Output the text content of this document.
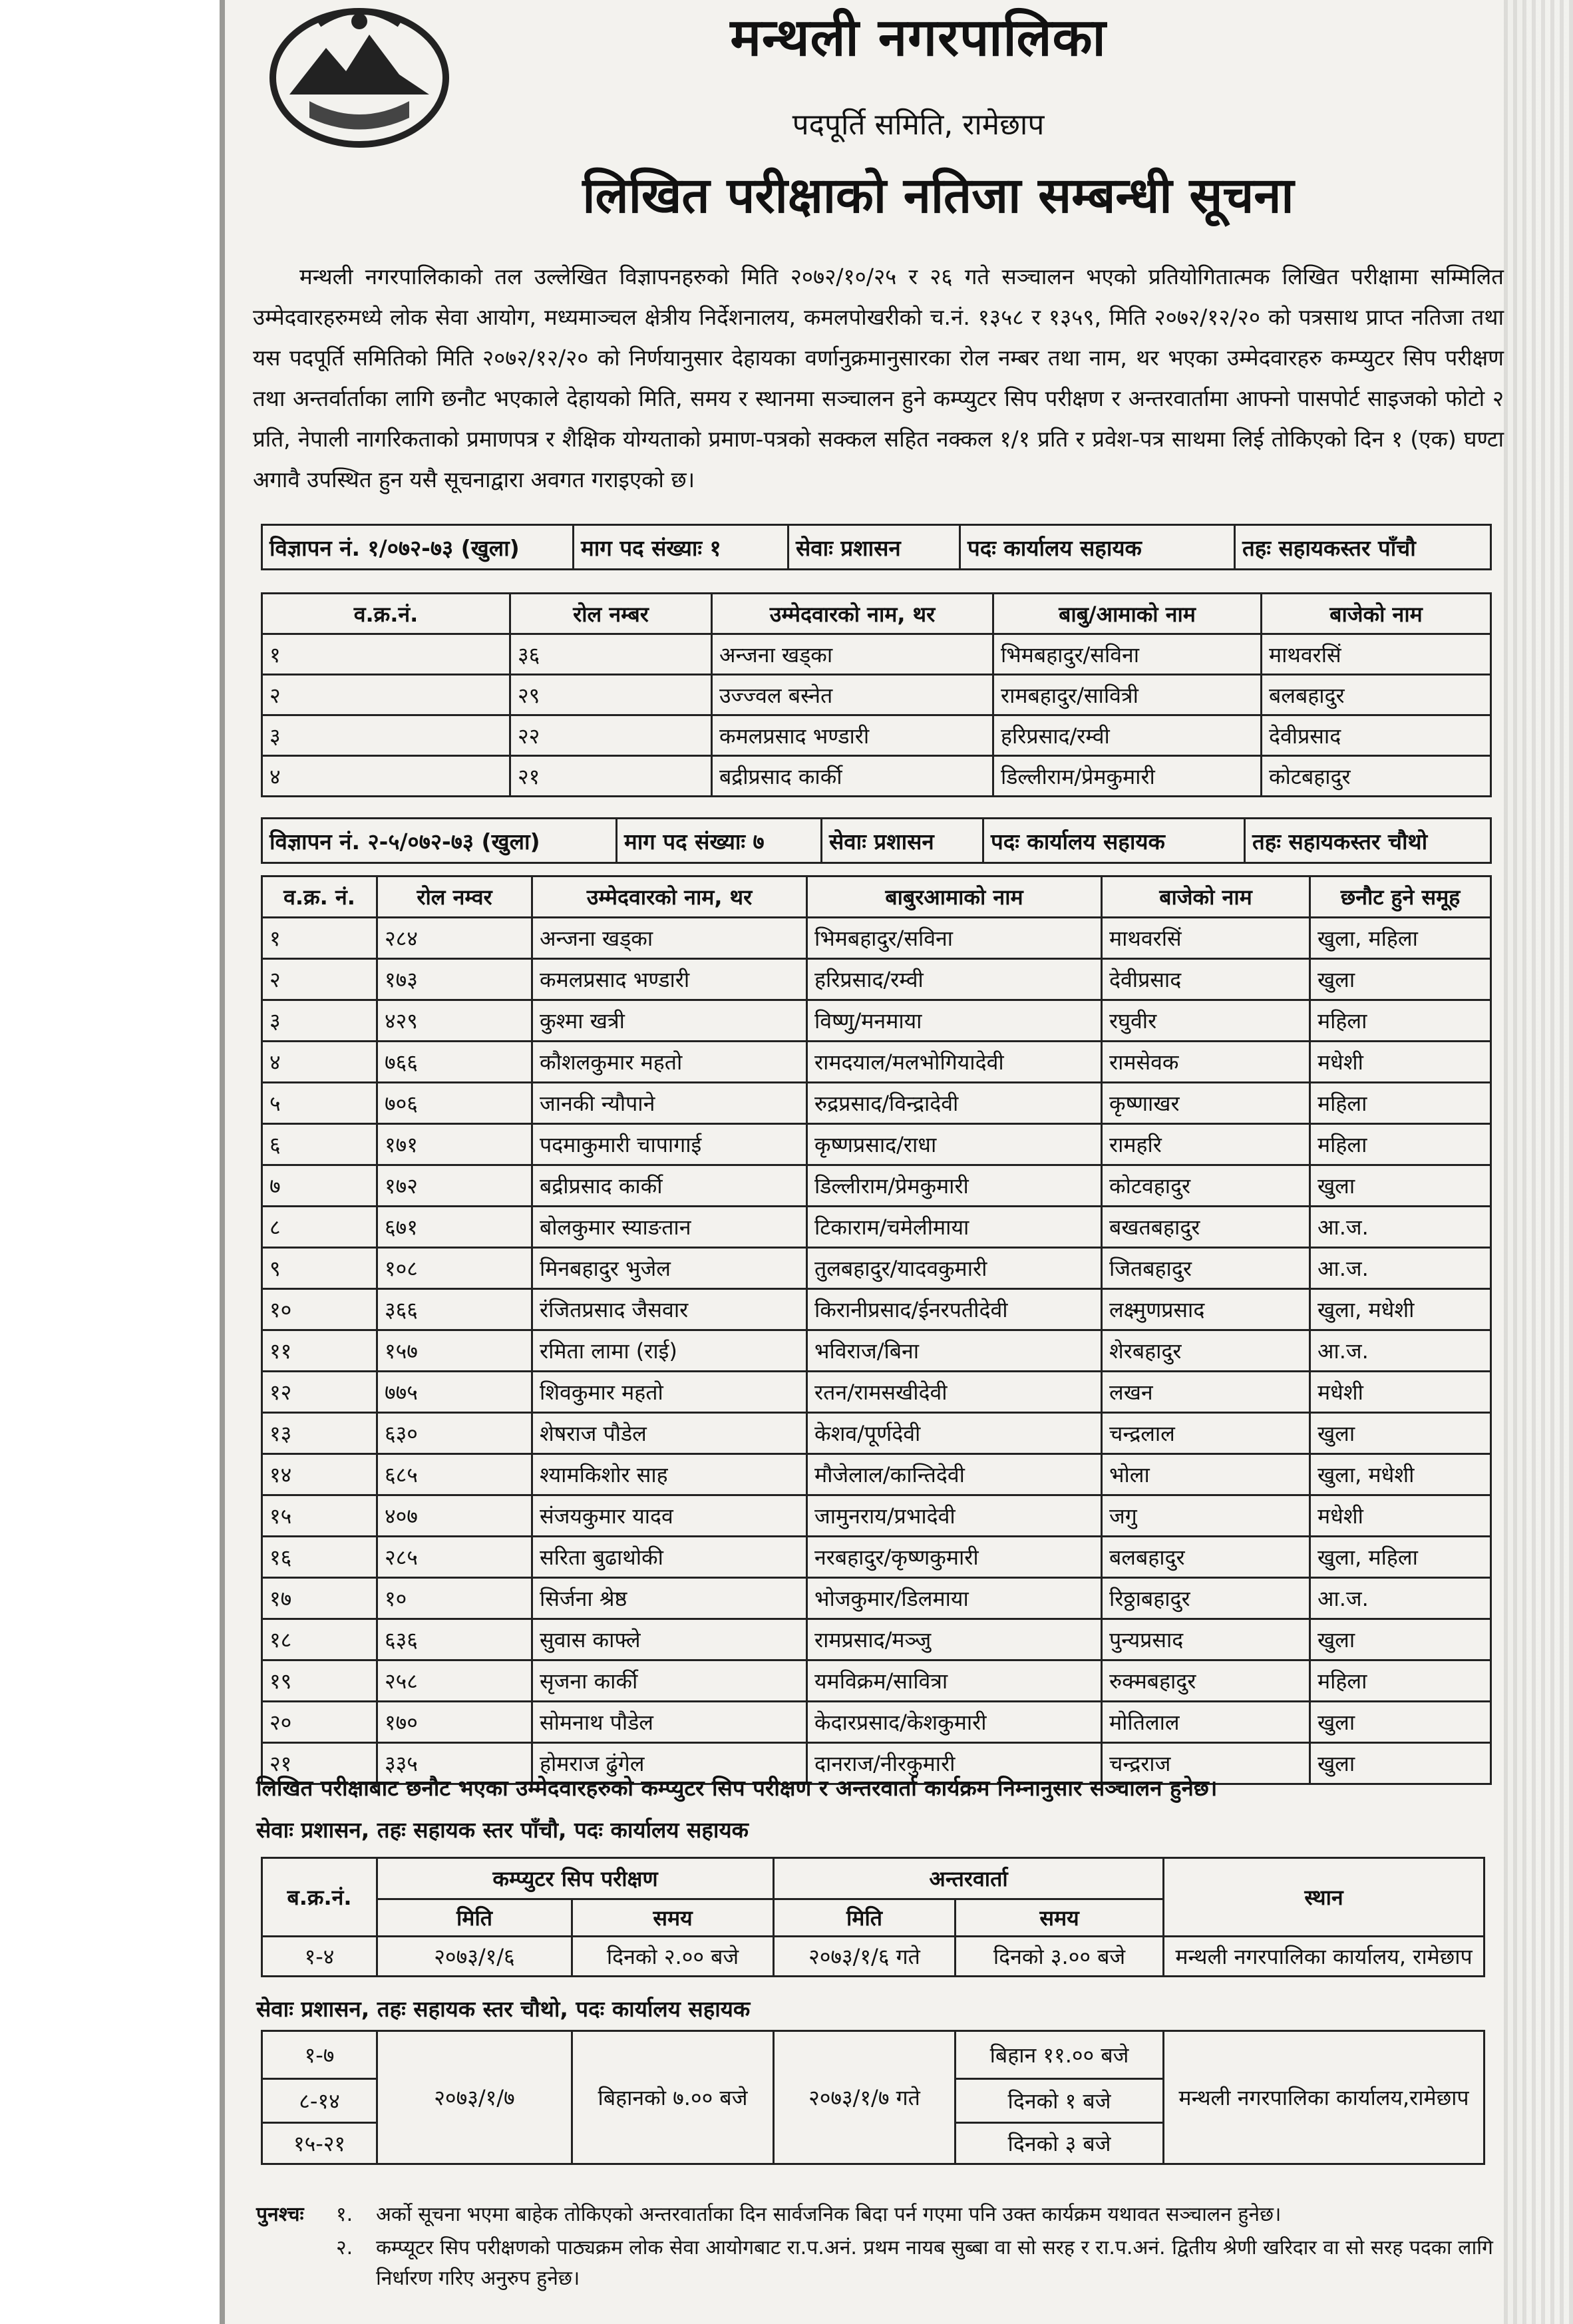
मन्थली नगरपालिका
पदपूर्ति समिति, रामेछाप
लिखित परीक्षाको नतिजा सम्बन्धी सूचना
मन्थली नगरपालिकाको तल उल्लेखित विज्ञापनहरुको मिति २०७२/१०/२५ र २६ गते सञ्चालन भएको प्रतियोगितात्मक लिखित परीक्षामा सम्मिलित उम्मेदवारहरुमध्ये लोक सेवा आयोग, मध्यमाञ्चल क्षेत्रीय निर्देशनालय, कमलपोखरीको च.नं. १३५८ र १३५९, मिति २०७२/१२/२० को पत्रसाथ प्राप्त नतिजा तथा यस पदपूर्ति समितिको मिति २०७२/१२/२० को निर्णयानुसार देहायका वर्णानुक्रमानुसारका रोल नम्बर तथा नाम, थर भएका उम्मेदवारहरु कम्प्युटर सिप परीक्षण तथा अन्तर्वार्ताका लागि छनौट भएकाले देहायको मिति, समय र स्थानमा सञ्चालन हुने कम्प्युटर सिप परीक्षण र अन्तरवार्तामा आफ्नो पासपोर्ट साइजको फोटो २ प्रति, नेपाली नागरिकताको प्रमाणपत्र र शैक्षिक योग्यताको प्रमाण-पत्रको सक्कल सहित नक्कल १/१ प्रति र प्रवेश-पत्र साथमा लिई तोकिएको दिन १ (एक) घण्टा अगावै उपस्थित हुन यसै सूचनाद्वारा अवगत गराइएको छ।
विज्ञापन नं. १/०७२-७३ (खुला)	माग पद संख्याः १	सेवाः प्रशासन	पदः कार्यालय सहायक	तहः सहायकस्तर पाँचौ
व.क्र.नं.	रोल नम्बर	उम्मेदवारको नाम, थर	बाबु/आमाको नाम	बाजेको नाम
१	३६	अन्जना खड्का	भिमबहादुर/सविना	माथवरसिं
२	२९	उज्ज्वल बस्नेत	रामबहादुर/सावित्री	बलबहादुर
३	२२	कमलप्रसाद भण्डारी	हरिप्रसाद/रम्वी	देवीप्रसाद
४	२१	बद्रीप्रसाद कार्की	डिल्लीराम/प्रेमकुमारी	कोटबहादुर
विज्ञापन नं. २-५/०७२-७३ (खुला)	माग पद संख्याः ७	सेवाः प्रशासन	पदः कार्यालय सहायक	तहः सहायकस्तर चौथो
व.क्र. नं.	रोल नम्वर	उम्मेदवारको नाम, थर	बाबुरआमाको नाम	बाजेको नाम	छनौट हुने समूह
१	२८४	अन्जना खड्का	भिमबहादुर/सविना	माथवरसिं	खुला, महिला
२	१७३	कमलप्रसाद भण्डारी	हरिप्रसाद/रम्वी	देवीप्रसाद	खुला
३	४२९	कुश्मा खत्री	विष्णु/मनमाया	रघुवीर	महिला
४	७६६	कौशलकुमार महतो	रामदयाल/मलभोगियादेवी	रामसेवक	मधेशी
५	७०६	जानकी न्यौपाने	रुद्रप्रसाद/विन्द्रादेवी	कृष्णाखर	महिला
६	१७१	पदमाकुमारी चापागाई	कृष्णप्रसाद/राधा	रामहरि	महिला
७	१७२	बद्रीप्रसाद कार्की	डिल्लीराम/प्रेमकुमारी	कोटवहादुर	खुला
८	६७१	बोलकुमार स्याङतान	टिकाराम/चमेलीमाया	बखतबहादुर	आ.ज.
९	१०८	मिनबहादुर भुजेल	तुलबहादुर/यादवकुमारी	जितबहादुर	आ.ज.
१०	३६६	रंजितप्रसाद जैसवार	किरानीप्रसाद/ईनरपतीदेवी	लक्ष्मुणप्रसाद	खुला, मधेशी
११	१५७	रमिता लामा (राई)	भविराज/बिना	शेरबहादुर	आ.ज.
१२	७७५	शिवकुमार महतो	रतन/रामसखीदेवी	लखन	मधेशी
१३	६३०	शेषराज पौडेल	केशव/पूर्णदेवी	चन्द्रलाल	खुला
१४	६८५	श्यामकिशोर साह	मौजेलाल/कान्तिदेवी	भोला	खुला, मधेशी
१५	४०७	संजयकुमार यादव	जामुनराय/प्रभादेवी	जगु	मधेशी
१६	२८५	सरिता बुढाथोकी	नरबहादुर/कृष्णकुमारी	बलबहादुर	खुला, महिला
१७	१०	सिर्जना श्रेष्ठ	भोजकुमार/डिलमाया	रिठ्ठाबहादुर	आ.ज.
१८	६३६	सुवास काफ्ले	रामप्रसाद/मञ्जु	पुन्यप्रसाद	खुला
१९	२५८	सृजना कार्की	यमविक्रम/सावित्रा	रुक्मबहादुर	महिला
२०	१७०	सोमनाथ पौडेल	केदारप्रसाद/केशकुमारी	मोतिलाल	खुला
२१	३३५	होमराज ढुंगेल	दानराज/नीरकुमारी	चन्द्रराज	खुला
लिखित परीक्षाबाट छनौट भएका उम्मेदवारहरुको कम्प्युटर सिप परीक्षण र अन्तरवार्ता कार्यक्रम निम्नानुसार सञ्चालन हुनेछ।
सेवाः प्रशासन, तहः सहायक स्तर पाँचौ, पदः कार्यालय सहायक
ब.क्र.नं.	कम्प्युटर सिप परीक्षण		अन्तरवार्ता		स्थान
	मिति	समय	मिति	समय	
१-४	२०७३/१/६	दिनको २.०० बजे	२०७३/१/६ गते	दिनको ३.०० बजे	मन्थली नगरपालिका कार्यालय, रामेछाप
सेवाः प्रशासन, तहः सहायक स्तर चौथो, पदः कार्यालय सहायक
१-७	२०७३/१/७	बिहानको ७.०० बजे	२०७३/१/७ गते	बिहान ११.०० बजे	मन्थली नगरपालिका कार्यालय,रामेछाप
८-१४				दिनको १ बजे	
१५-२१				दिनको ३ बजे	
पुनश्चः १. अर्को सूचना भएमा बाहेक तोकिएको अन्तरवार्ताका दिन सार्वजनिक बिदा पर्न गएमा पनि उक्त कार्यक्रम यथावत सञ्चालन हुनेछ।
२. कम्प्यूटर सिप परीक्षणको पाठ्यक्रम लोक सेवा आयोगबाट रा.प.अनं. प्रथम नायब सुब्बा वा सो सरह र रा.प.अनं. द्वितीय श्रेणी खरिदार वा सो सरह पदका लागि निर्धारण गरिए अनुरुप हुनेछ।
